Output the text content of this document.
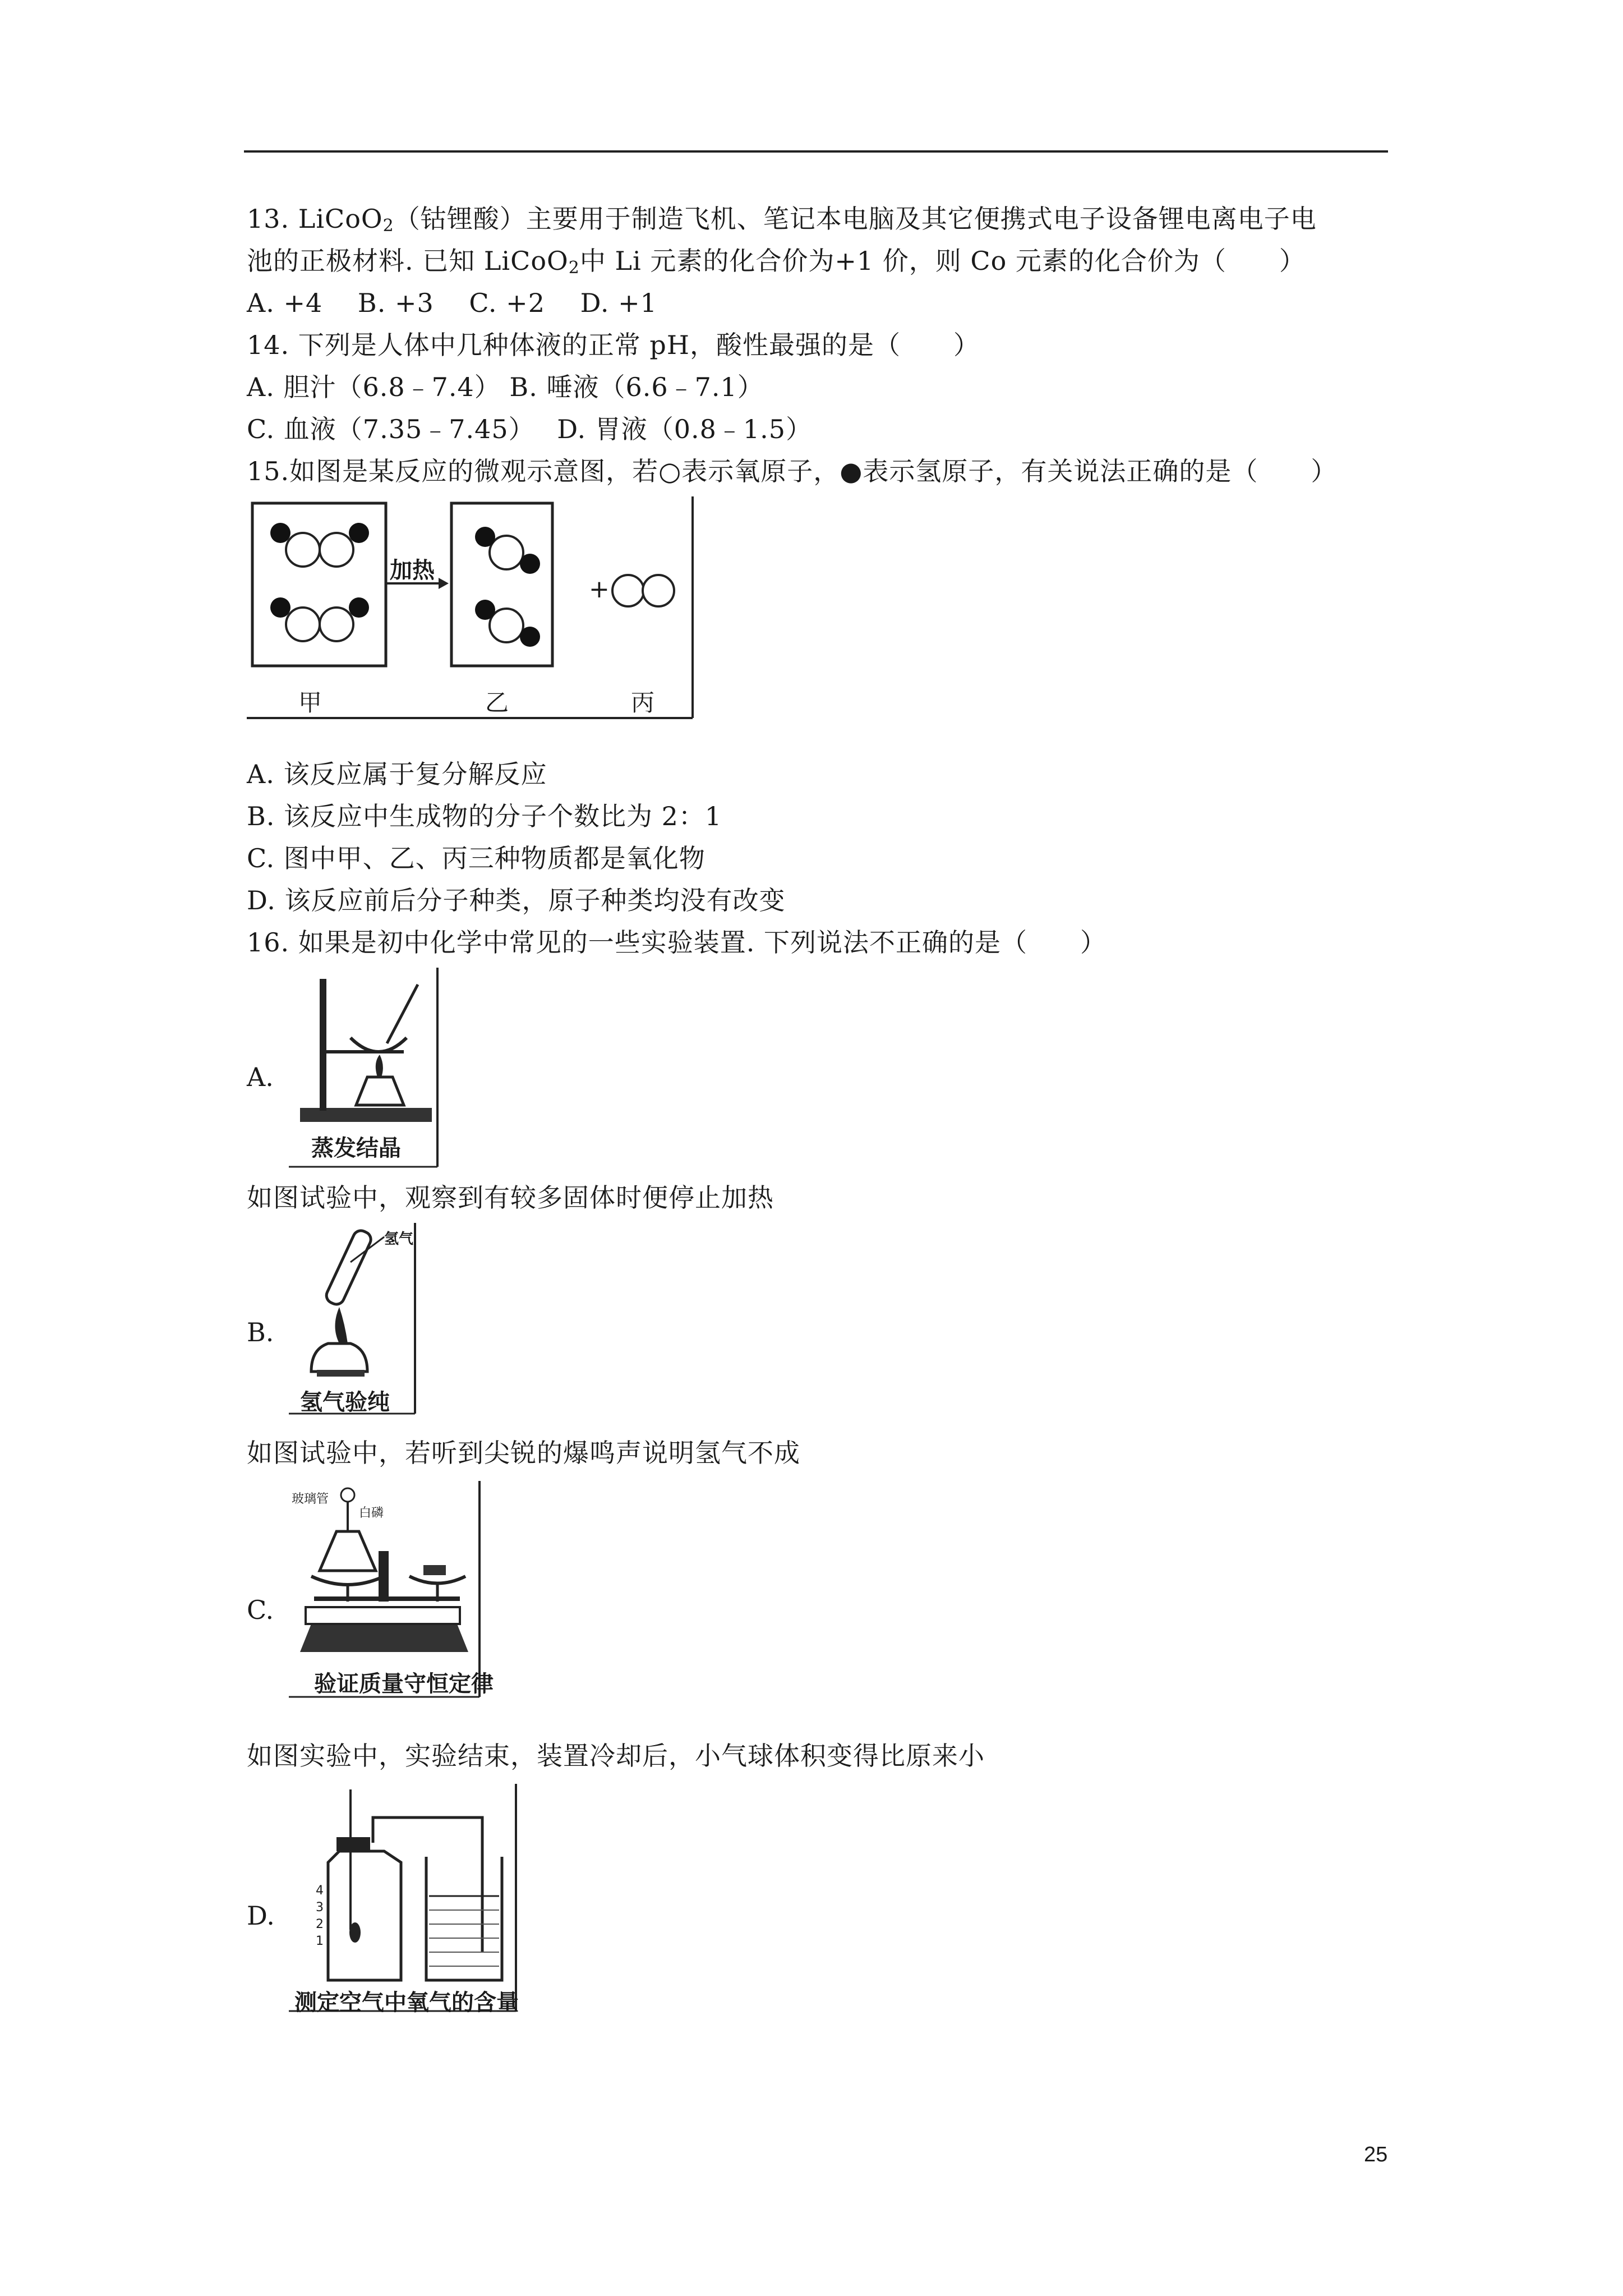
13. LiCoO$_2$（钴锂酸）主要用于制造飞机、笔记本电脑及其它便携式电子设备锂电离电子电
池的正极材料. 已知 LiCoO$_2$中 Li 元素的化合价为+1 价，则 Co 元素的化合价为（　　）
A. +4　 B. +3　 C. +2　 D. +1
14. 下列是人体中几种体液的正常 pH，酸性最强的是（　　）
A. 胆汁（6.8﹣7.4） B. 唾液（6.6﹣7.1）
C. 血液（7.35﹣7.45）　 D. 胃液（0.8﹣1.5）
15.如图是某反应的微观示意图，若○表示氧原子，●表示氢原子，有关说法正确的是（　　）
加热
+
甲	乙	丙
A. 该反应属于复分解反应
B. 该反应中生成物的分子个数比为 2：1
C. 图中甲、乙、丙三种物质都是氧化物
D. 该反应前后分子种类，原子种类均没有改变
16. 如果是初中化学中常见的一些实验装置. 下列说法不正确的是（　　）
A.
蒸发结晶
如图试验中，观察到有较多固体时便停止加热
B.
氢气
氢气验纯
如图试验中，若听到尖锐的爆鸣声说明氢气不成
C.
玻璃管
白磷
验证质量守恒定律
如图实验中，实验结束，装置冷却后，小气球体积变得比原来小
D.
4
3
2
1
测定空气中氧气的含量
25
